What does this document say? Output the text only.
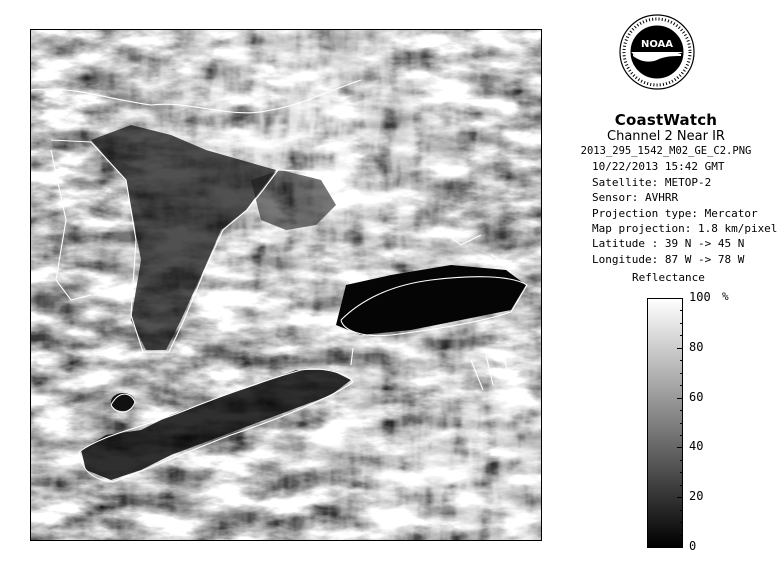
NOAA
CoastWatch
Channel 2 Near IR
2013_295_1542_M02_GE_C2.PNG
10/22/2013 15:42 GMT
Satellite: METOP-2
Sensor: AVHRR
Projection type: Mercator
Map projection: 1.8 km/pixel
Latitude : 39 N -> 45 N
Longitude: 87 W -> 78 W
Reflectance
%
100
80
60
40
20
0
